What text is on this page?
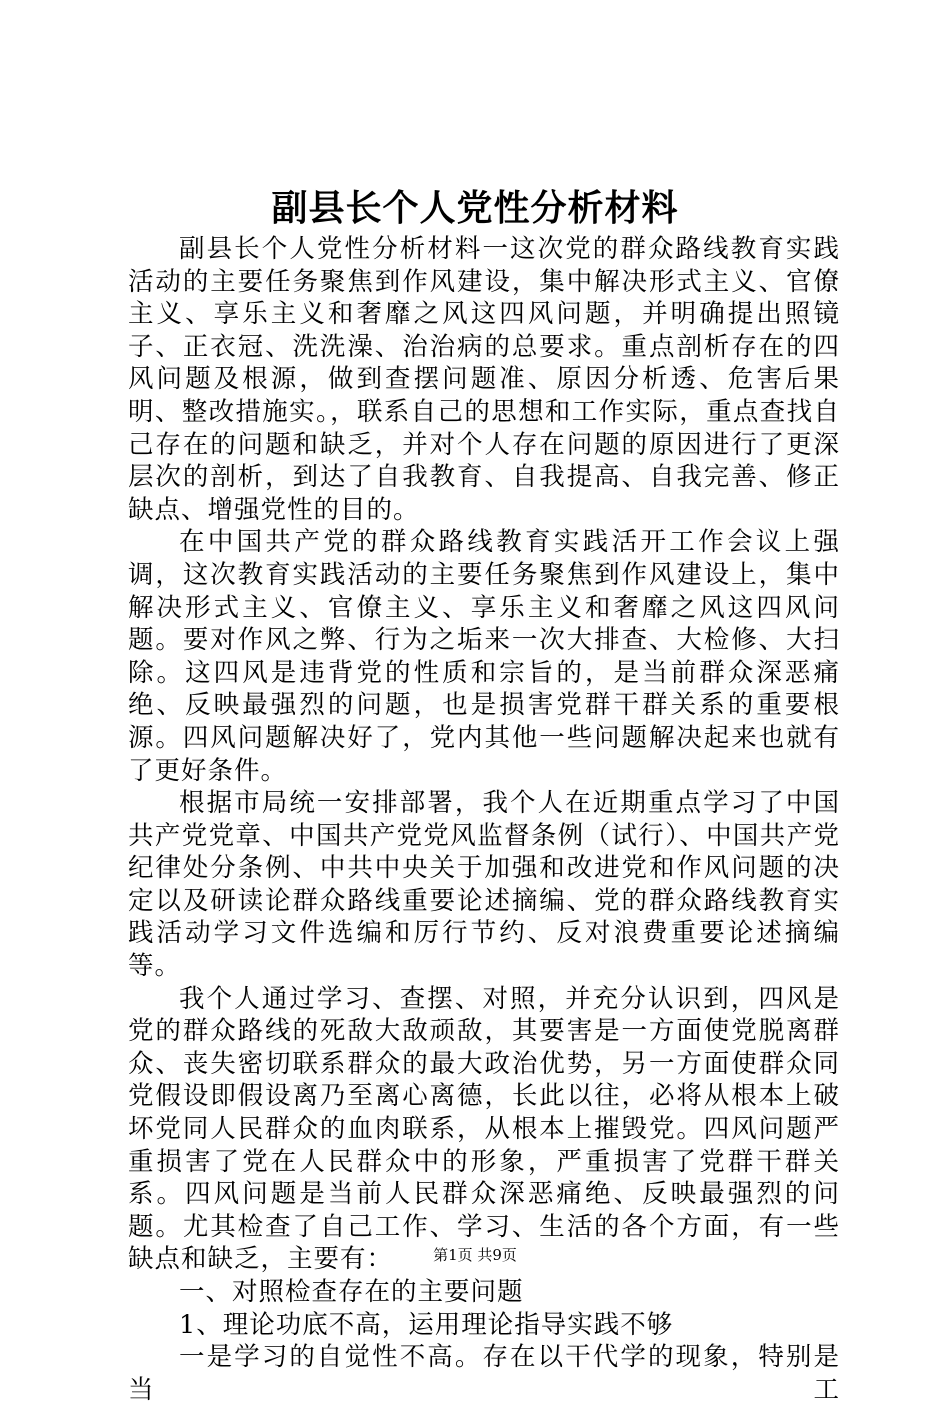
副县长个人党性分析材料

副县长个人党性分析材料一这次党的群众路线教育实践活动的主要任务聚焦到作风建设，集中解决形式主义、官僚主义、享乐主义和奢靡之风这四风问题，并明确提出照镜子、正衣冠、洗洗澡、治治病的总要求。重点剖析存在的四风问题及根源，做到查摆问题准、原因分析透、危害后果明、整改措施实。，联系自己的思想和工作实际，重点查找自己存在的问题和缺乏，并对个人存在问题的原因进行了更深层次的剖析，到达了自我教育、自我提高、自我完善、修正缺点、增强党性的目的。

在中国共产党的群众路线教育实践活开工作会议上强调，这次教育实践活动的主要任务聚焦到作风建设上，集中解决形式主义、官僚主义、享乐主义和奢靡之风这四风问题。要对作风之弊、行为之垢来一次大排查、大检修、大扫除。这四风是违背党的性质和宗旨的，是当前群众深恶痛绝、反映最强烈的问题，也是损害党群干群关系的重要根源。四风问题解决好了，党内其他一些问题解决起来也就有了更好条件。

根据市局统一安排部署，我个人在近期重点学习了中国共产党党章、中国共产党党风监督条例（试行）、中国共产党纪律处分条例、中共中央关于加强和改进党和作风问题的决定以及研读论群众路线重要论述摘编、党的群众路线教育实践活动学习文件选编和厉行节约、反对浪费重要论述摘编等。

我个人通过学习、查摆、对照，并充分认识到，四风是党的群众路线的死敌大敌顽敌，其要害是一方面使党脱离群众、丧失密切联系群众的最大政治优势，另一方面使群众同党假设即假设离乃至离心离德，长此以往，必将从根本上破坏党同人民群众的血肉联系，从根本上摧毁党。四风问题严重损害了党在人民群众中的形象，严重损害了党群干群关系。四风问题是当前人民群众深恶痛绝、反映最强烈的问题。尤其检查了自己工作、学习、生活的各个方面，有一些缺点和缺乏，主要有：

一、对照检查存在的主要问题

1、理论功底不高，运用理论指导实践不够

一是学习的自觉性不高。存在以干代学的现象，特别是当工

第1页 共9页
